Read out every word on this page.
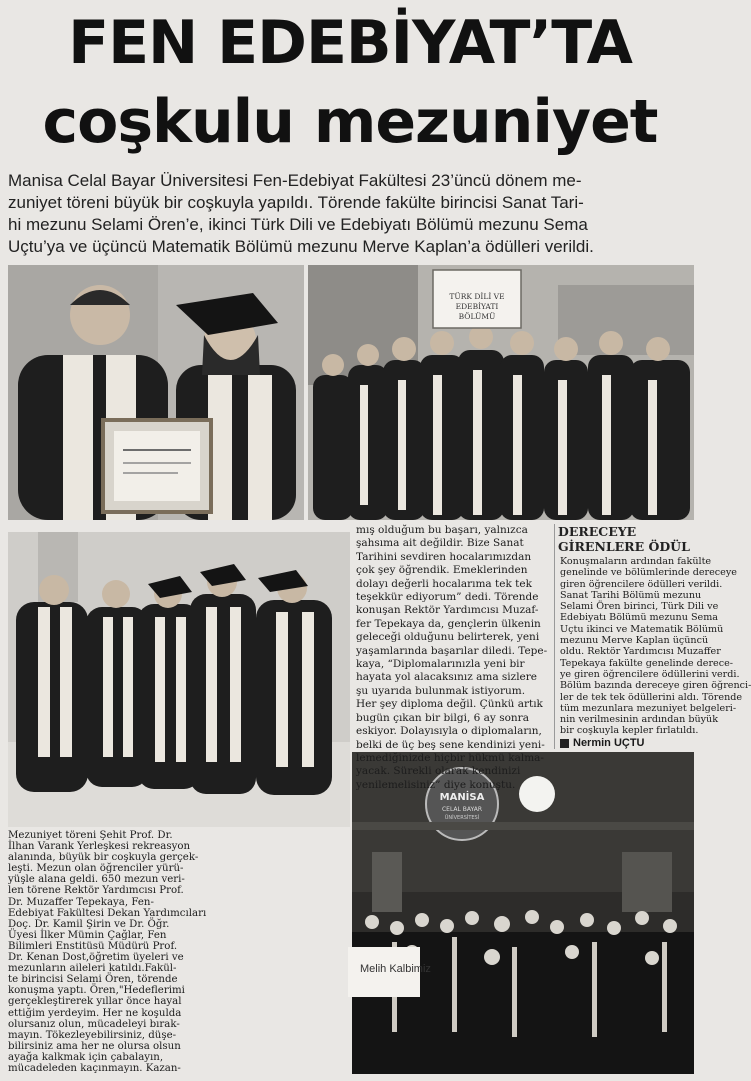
FEN EDEBİYAT’TA
coşkulu mezuniyet
Manisa Celal Bayar Üniversitesi Fen-Edebiyat Fakültesi 23’üncü dönem me-
zuniyet töreni büyük bir coşkuyla yapıldı. Törende fakülte birincisi Sanat Tari-
hi mezunu Selami Ören’e, ikinci Türk Dili ve Edebiyatı Bölümü mezunu Sema
Uçtu’ya ve üçüncü Matematik Bölümü mezunu Merve Kaplan’a ödülleri verildi.
TÜRK DİLİ VE
EDEBİYATI
BÖLÜMÜ
MANİSA
CELAL BAYAR
ÜNİVERSİTESİ
Melih Kalbimiz
mış olduğum bu başarı, yalnızca
şahsıma ait değildir. Bize Sanat
Tarihini sevdiren hocalarımızdan
çok şey öğrendik. Emeklerinden
dolayı değerli hocalarıma tek tek
teşekkür ediyorum” dedi. Törende
konuşan Rektör Yardımcısı Muzaf-
fer Tepekaya da, gençlerin ülkenin
geleceği olduğunu belirterek, yeni
yaşamlarında başarılar diledi. Tepe-
kaya, “Diplomalarınızla yeni bir
hayata yol alacaksınız ama sizlere
şu uyarıda bulunmak istiyorum.
Her şey diploma değil. Çünkü artık
bugün çıkan bir bilgi, 6 ay sonra
eskiyor. Dolayısıyla o diplomaların,
belki de üç beş sene kendinizi yeni-
lemediğinizde hiçbir hükmü kalma-
yacak. Sürekli olarak kendinizi
yenilemelisiniz” diye konuştu.
DERECEYE GİRENLERE ÖDÜL
Konuşmaların ardından fakülte
genelinde ve bölümlerinde dereceye
giren öğrencilere ödülleri verildi.
Sanat Tarihi Bölümü mezunu
Selami Ören birinci, Türk Dili ve
Edebiyatı Bölümü mezunu Sema
Uçtu ikinci ve Matematik Bölümü
mezunu Merve Kaplan üçüncü
oldu. Rektör Yardımcısı Muzaffer
Tepekaya fakülte genelinde derece-
ye giren öğrencilere ödüllerini verdi.
Bölüm bazında dereceye giren öğrenci-
ler de tek tek ödüllerini aldı. Törende
tüm mezunlara mezuniyet belgeleri-
nin verilmesinin ardından büyük
bir coşkuyla kepler fırlatıldı.
Nermin UÇTU
Mezuniyet töreni Şehit Prof. Dr.
İlhan Varank Yerleşkesi rekreasyon
alanında, büyük bir coşkuyla gerçek-
leşti. Mezun olan öğrenciler yürü-
yüşle alana geldi. 650 mezun veri-
len törene Rektör Yardımcısı Prof.
Dr. Muzaffer Tepekaya, Fen-
Edebiyat Fakültesi Dekan Yardımcıları
Doç. Dr. Kamil Şirin ve Dr. Öğr.
Üyesi İlker Mümin Çağlar, Fen
Bilimleri Enstitüsü Müdürü Prof.
Dr. Kenan Dost,öğretim üyeleri ve
mezunların aileleri katıldı.Fakül-
te birincisi Selami Ören, törende
konuşma yaptı. Ören,"Hedeflerimi
gerçekleştirerek yıllar önce hayal
ettiğim yerdeyim. Her ne koşulda
olursanız olun, mücadeleyi bırak-
mayın. Tökezleyebilirsiniz, düşe-
bilirsiniz ama her ne olursa olsun
ayağa kalkmak için çabalayın,
mücadeleden kaçınmayın. Kazan-
